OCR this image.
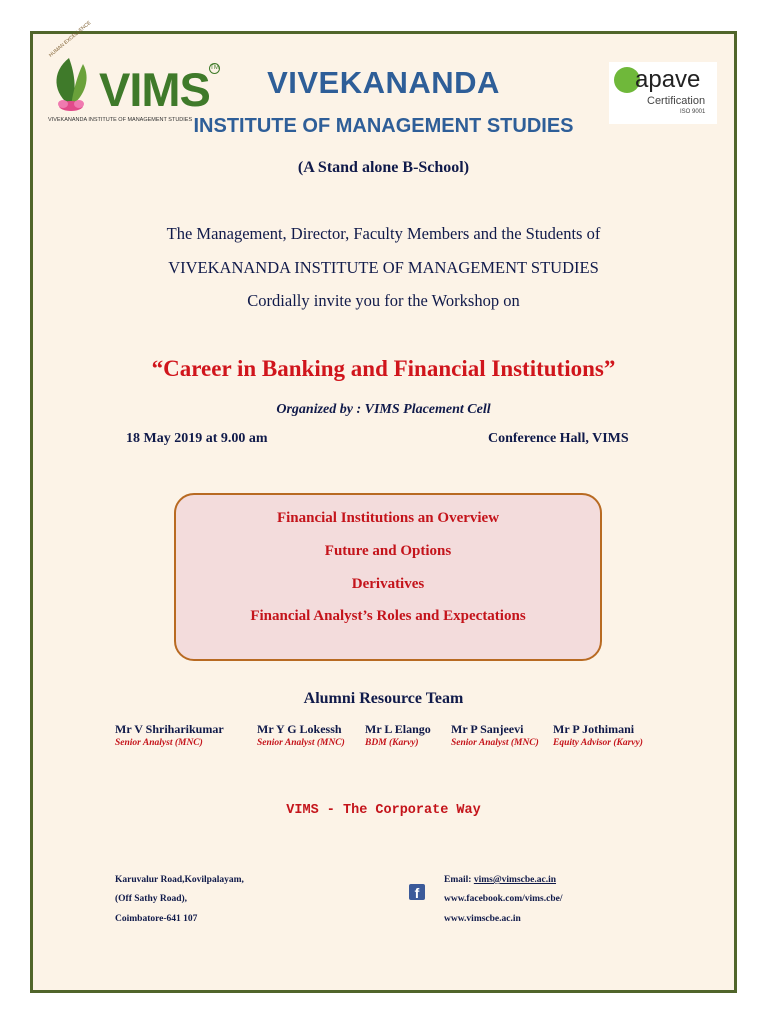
HUMAN EXCELLENCE
VIMS TM
VIVEKANANDA INSTITUTE OF MANAGEMENT STUDIES
VIVEKANANDA
INSTITUTE OF MANAGEMENT STUDIES
apave
Certification
ISO 9001
(A Stand alone B-School)
The Management, Director, Faculty Members and the Students of
VIVEKANANDA INSTITUTE OF MANAGEMENT STUDIES
Cordially invite you for the Workshop on
“Career in Banking and Financial Institutions”
Organized by : VIMS Placement Cell
18 May 2019 at 9.00 am	Conference Hall, VIMS
Financial Institutions an Overview
Future and Options
Derivatives
Financial Analyst’s Roles and Expectations
Alumni Resource Team
Mr V Shriharikumar
Senior Analyst (MNC)
Mr Y G Lokessh
Senior Analyst (MNC)
Mr L Elango
BDM (Karvy)
Mr P Sanjeevi
Senior Analyst (MNC)
Mr P Jothimani
Equity Advisor (Karvy)
VIMS - The Corporate Way
Karuvalur Road,Kovilpalayam,
(Off Sathy Road),
Coimbatore-641 107
f
Email: vims@vimscbe.ac.in
www.facebook.com/vims.cbe/
www.vimscbe.ac.in
